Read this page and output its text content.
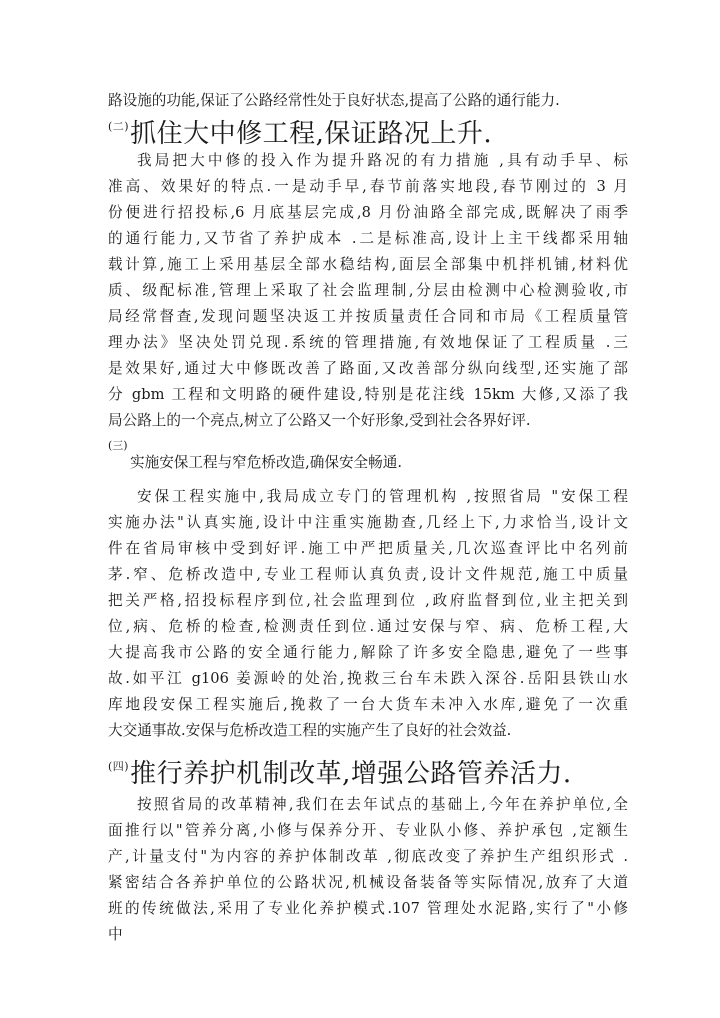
路设施的功能,保证了公路经常性处于良好状态,提高了公路的通行能力.
(二)抓住大中修工程,保证路况上升.
我局把大中修的投入作为提升路况的有力措施 ,具有动手早、标
准高、效果好的特点.一是动手早,春节前落实地段,春节刚过的 3 月
份便进行招投标,6 月底基层完成,8 月份油路全部完成,既解决了雨季
的通行能力,又节省了养护成本 .二是标准高,设计上主干线都采用轴
载计算,施工上采用基层全部水稳结构,面层全部集中机拌机铺,材料优
质、级配标准,管理上采取了社会监理制,分层由检测中心检测验收,市
局经常督查,发现问题坚决返工并按质量责任合同和市局《工程质量管
理办法》坚决处罚兑现.系统的管理措施,有效地保证了工程质量 .三
是效果好,通过大中修既改善了路面,又改善部分纵向线型,还实施了部
分 gbm 工程和文明路的硬件建设,特别是花注线 15km 大修,又添了我
局公路上的一个亮点,树立了公路又一个好形象,受到社会各界好评.
(三)
实施安保工程与窄危桥改造,确保安全畅通.
安保工程实施中,我局成立专门的管理机构 ,按照省局 "安保工程
实施办法"认真实施,设计中注重实施勘查,几经上下,力求恰当,设计文
件在省局审核中受到好评.施工中严把质量关,几次巡查评比中名列前
茅.窄、危桥改造中,专业工程师认真负责,设计文件规范,施工中质量
把关严格,招投标程序到位,社会监理到位 ,政府监督到位,业主把关到
位,病、危桥的检查,检测责任到位.通过安保与窄、病、危桥工程,大
大提高我市公路的安全通行能力,解除了许多安全隐患,避免了一些事
故.如平江 g106 姜源岭的处治,挽救三台车未跌入深谷.岳阳县铁山水
库地段安保工程实施后,挽救了一台大货车未冲入水库,避免了一次重
大交通事故.安保与危桥改造工程的实施产生了良好的社会效益.
(四)推行养护机制改革,增强公路管养活力.
按照省局的改革精神,我们在去年试点的基础上,今年在养护单位,全
面推行以"管养分离,小修与保养分开、专业队小修、养护承包 ,定额生
产,计量支付"为内容的养护体制改革 ,彻底改变了养护生产组织形式 .
紧密结合各养护单位的公路状况,机械设备装备等实际情况,放弃了大道
班的传统做法,采用了专业化养护模式.107 管理处水泥路,实行了"小修
中
